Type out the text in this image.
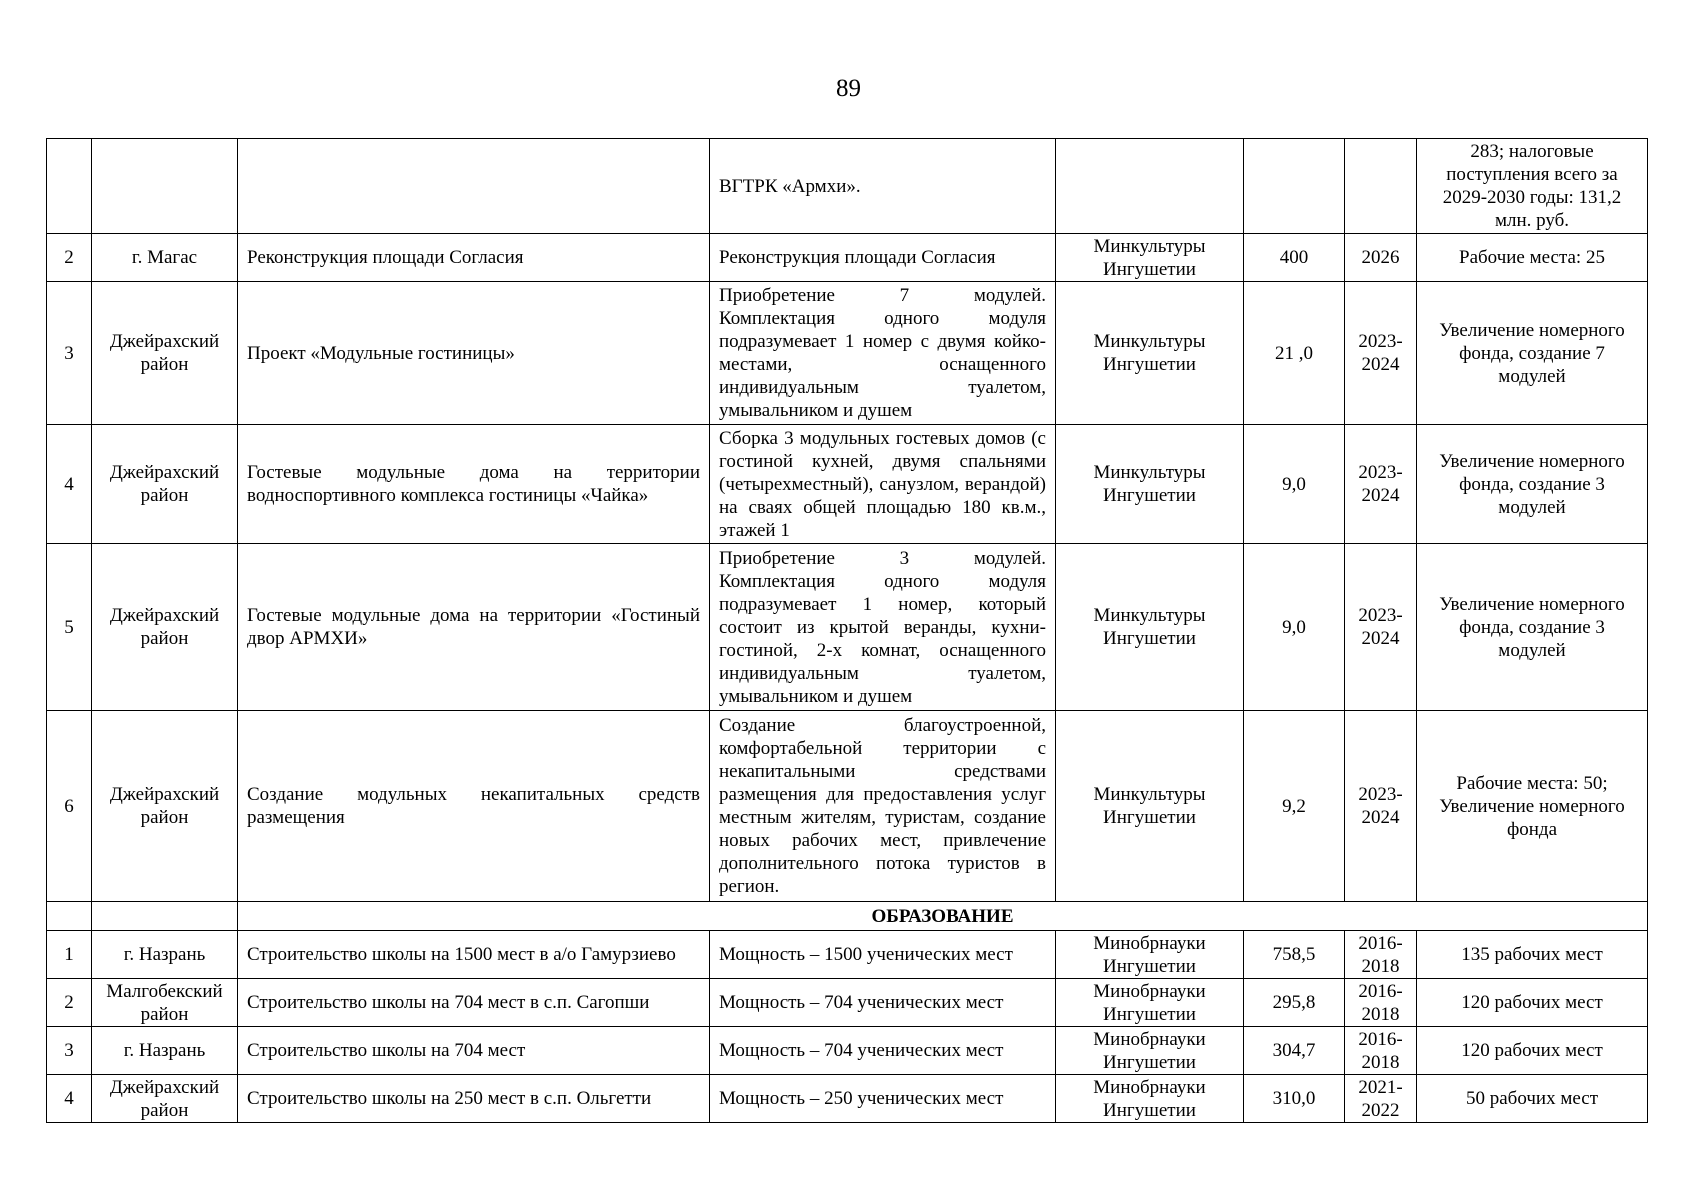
89
			ВГТРК «Армхи».				283; налоговые поступления всего за 2029-2030 годы: 131,2 млн. руб.
2	г. Магас	Реконструкция площади Согласия	Реконструкция площади Согласия	Минкультуры Ингушетии	400	2026	Рабочие места: 25
3	Джейрахский район	Проект «Модульные гостиницы»	Приобретение 7 модулей. Комплектация одного модуля подразумевает 1 номер с двумя койко-местами, оснащенного индивидуальным туалетом, умывальником и душем	Минкультуры Ингушетии	21 ,0	2023-2024	Увеличение номерного фонда, создание 7 модулей
4	Джейрахский район	Гостевые модульные дома на территории водноспортивного комплекса гостиницы «Чайка»	Сборка 3 модульных гостевых домов (с гостиной кухней, двумя спальнями (четырехместный), санузлом, верандой) на сваях общей площадью 180 кв.м., этажей 1	Минкультуры Ингушетии	9,0	2023-2024	Увеличение номерного фонда, создание 3 модулей
5	Джейрахский район	Гостевые модульные дома на территории «Гостиный двор АРМХИ»	Приобретение 3 модулей. Комплектация одного модуля подразумевает 1 номер, который состоит из крытой веранды, кухни-гостиной, 2-х комнат, оснащенного индивидуальным туалетом, умывальником и душем	Минкультуры Ингушетии	9,0	2023-2024	Увеличение номерного фонда, создание 3 модулей
6	Джейрахский район	Создание модульных некапитальных средств размещения	Создание благоустроенной, комфортабельной территории с некапитальными средствами размещения для предоставления услуг местным жителям, туристам, создание новых рабочих мест, привлечение дополнительного потока туристов в регион.	Минкультуры Ингушетии	9,2	2023-2024	Рабочие места: 50; Увеличение номерного фонда
		ОБРАЗОВАНИЕ					
1	г. Назрань	Строительство школы на 1500 мест в а/о Гамурзиево	Мощность – 1500 ученических мест	Минобрнауки Ингушетии	758,5	2016-2018	135 рабочих мест
2	Малгобекский район	Строительство школы на 704 мест в с.п. Сагопши	Мощность – 704 ученических мест	Минобрнауки Ингушетии	295,8	2016-2018	120 рабочих мест
3	г. Назрань	Строительство школы на 704 мест	Мощность – 704 ученических мест	Минобрнауки Ингушетии	304,7	2016-2018	120 рабочих мест
4	Джейрахский район	Строительство школы на 250 мест в с.п. Ольгетти	Мощность – 250 ученических мест	Минобрнауки Ингушетии	310,0	2021-2022	50 рабочих мест
